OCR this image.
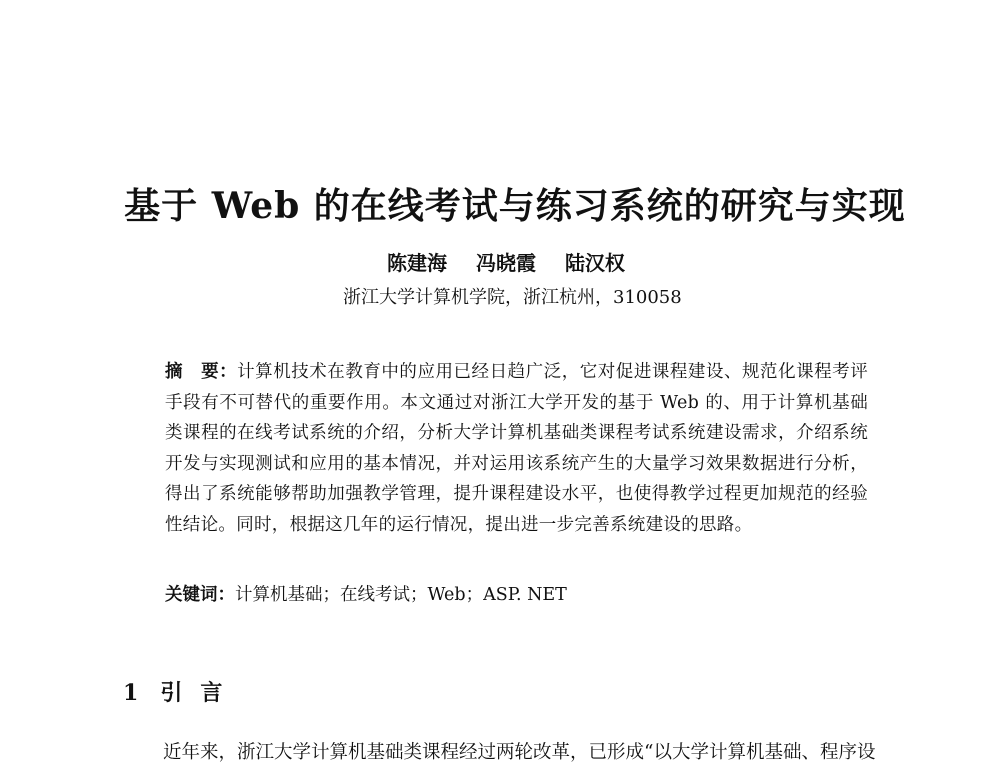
基于 Web 的在线考试与练习系统的研究与实现
陈建海 冯晓霞 陆汉权
浙江大学计算机学院，浙江杭州，310058
摘　要：计算机技术在教育中的应用已经日趋广泛，它对促进课程建设、规范化课程考评手段有不可替代的重要作用。本文通过对浙江大学开发的基于 Web 的、用于计算机基础类课程的在线考试系统的介绍，分析大学计算机基础类课程考试系统建设需求，介绍系统开发与实现测试和应用的基本情况，并对运用该系统产生的大量学习效果数据进行分析，得出了系统能够帮助加强教学管理，提升课程建设水平，也使得教学过程更加规范的经验性结论。同时，根据这几年的运行情况，提出进一步完善系统建设的思路。
关键词：计算机基础；在线考试；Web；ASP. NET
1 引言
近年来，浙江大学计算机基础类课程经过两轮改革，已形成“以大学计算机基础、程序设
